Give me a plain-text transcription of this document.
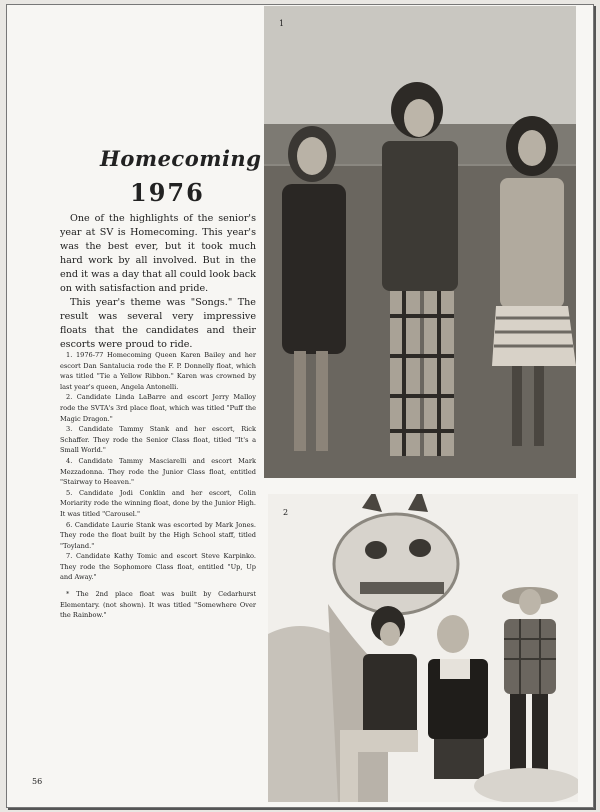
Homecoming
1976

One of the highlights of the senior's year at SV is Homecoming. This year's was the best ever, but it took much hard work by all involved. But in the end it was a day that all could look back on with satisfaction and pride.

This year's theme was "Songs." The result was several very impressive floats that the candidates and their escorts were proud to ride.

1. 1976-77 Homecoming Queen Karen Bailey and her escort Dan Santalucia rode the F. P. Donnelly float, which was titled "Tie a Yellow Ribbon." Karen was crowned by last year's queen, Angela Antonelli.

2. Candidate Linda LaBarre and escort Jerry Malloy rode the SVTA's 3rd place float, which was titled "Puff the Magic Dragon."

3. Candidate Tammy Stank and her escort, Rick Schaffer. They rode the Senior Class float, titled "It's a Small World."

4. Candidate Tammy Masciarelli and escort Mark Mezzadonna. They rode the Junior Class float, entitled "Stairway to Heaven."

5. Candidate Jodi Conklin and her escort, Colin Moriarity rode the winning float, done by the Junior High. It was titled "Carousel."

6. Candidate Laurie Stank was escorted by Mark Jones. They rode the float built by the High School staff, titled "Toyland."

7. Candidate Kathy Tomic and escort Steve Karpinko. They rode the Sophomore Class float, entitled "Up, Up and Away."

* The 2nd place float was built by Cedarhurst Elementary. (not shown). It was titled "Somewhere Over the Rainbow."

56
1
2
